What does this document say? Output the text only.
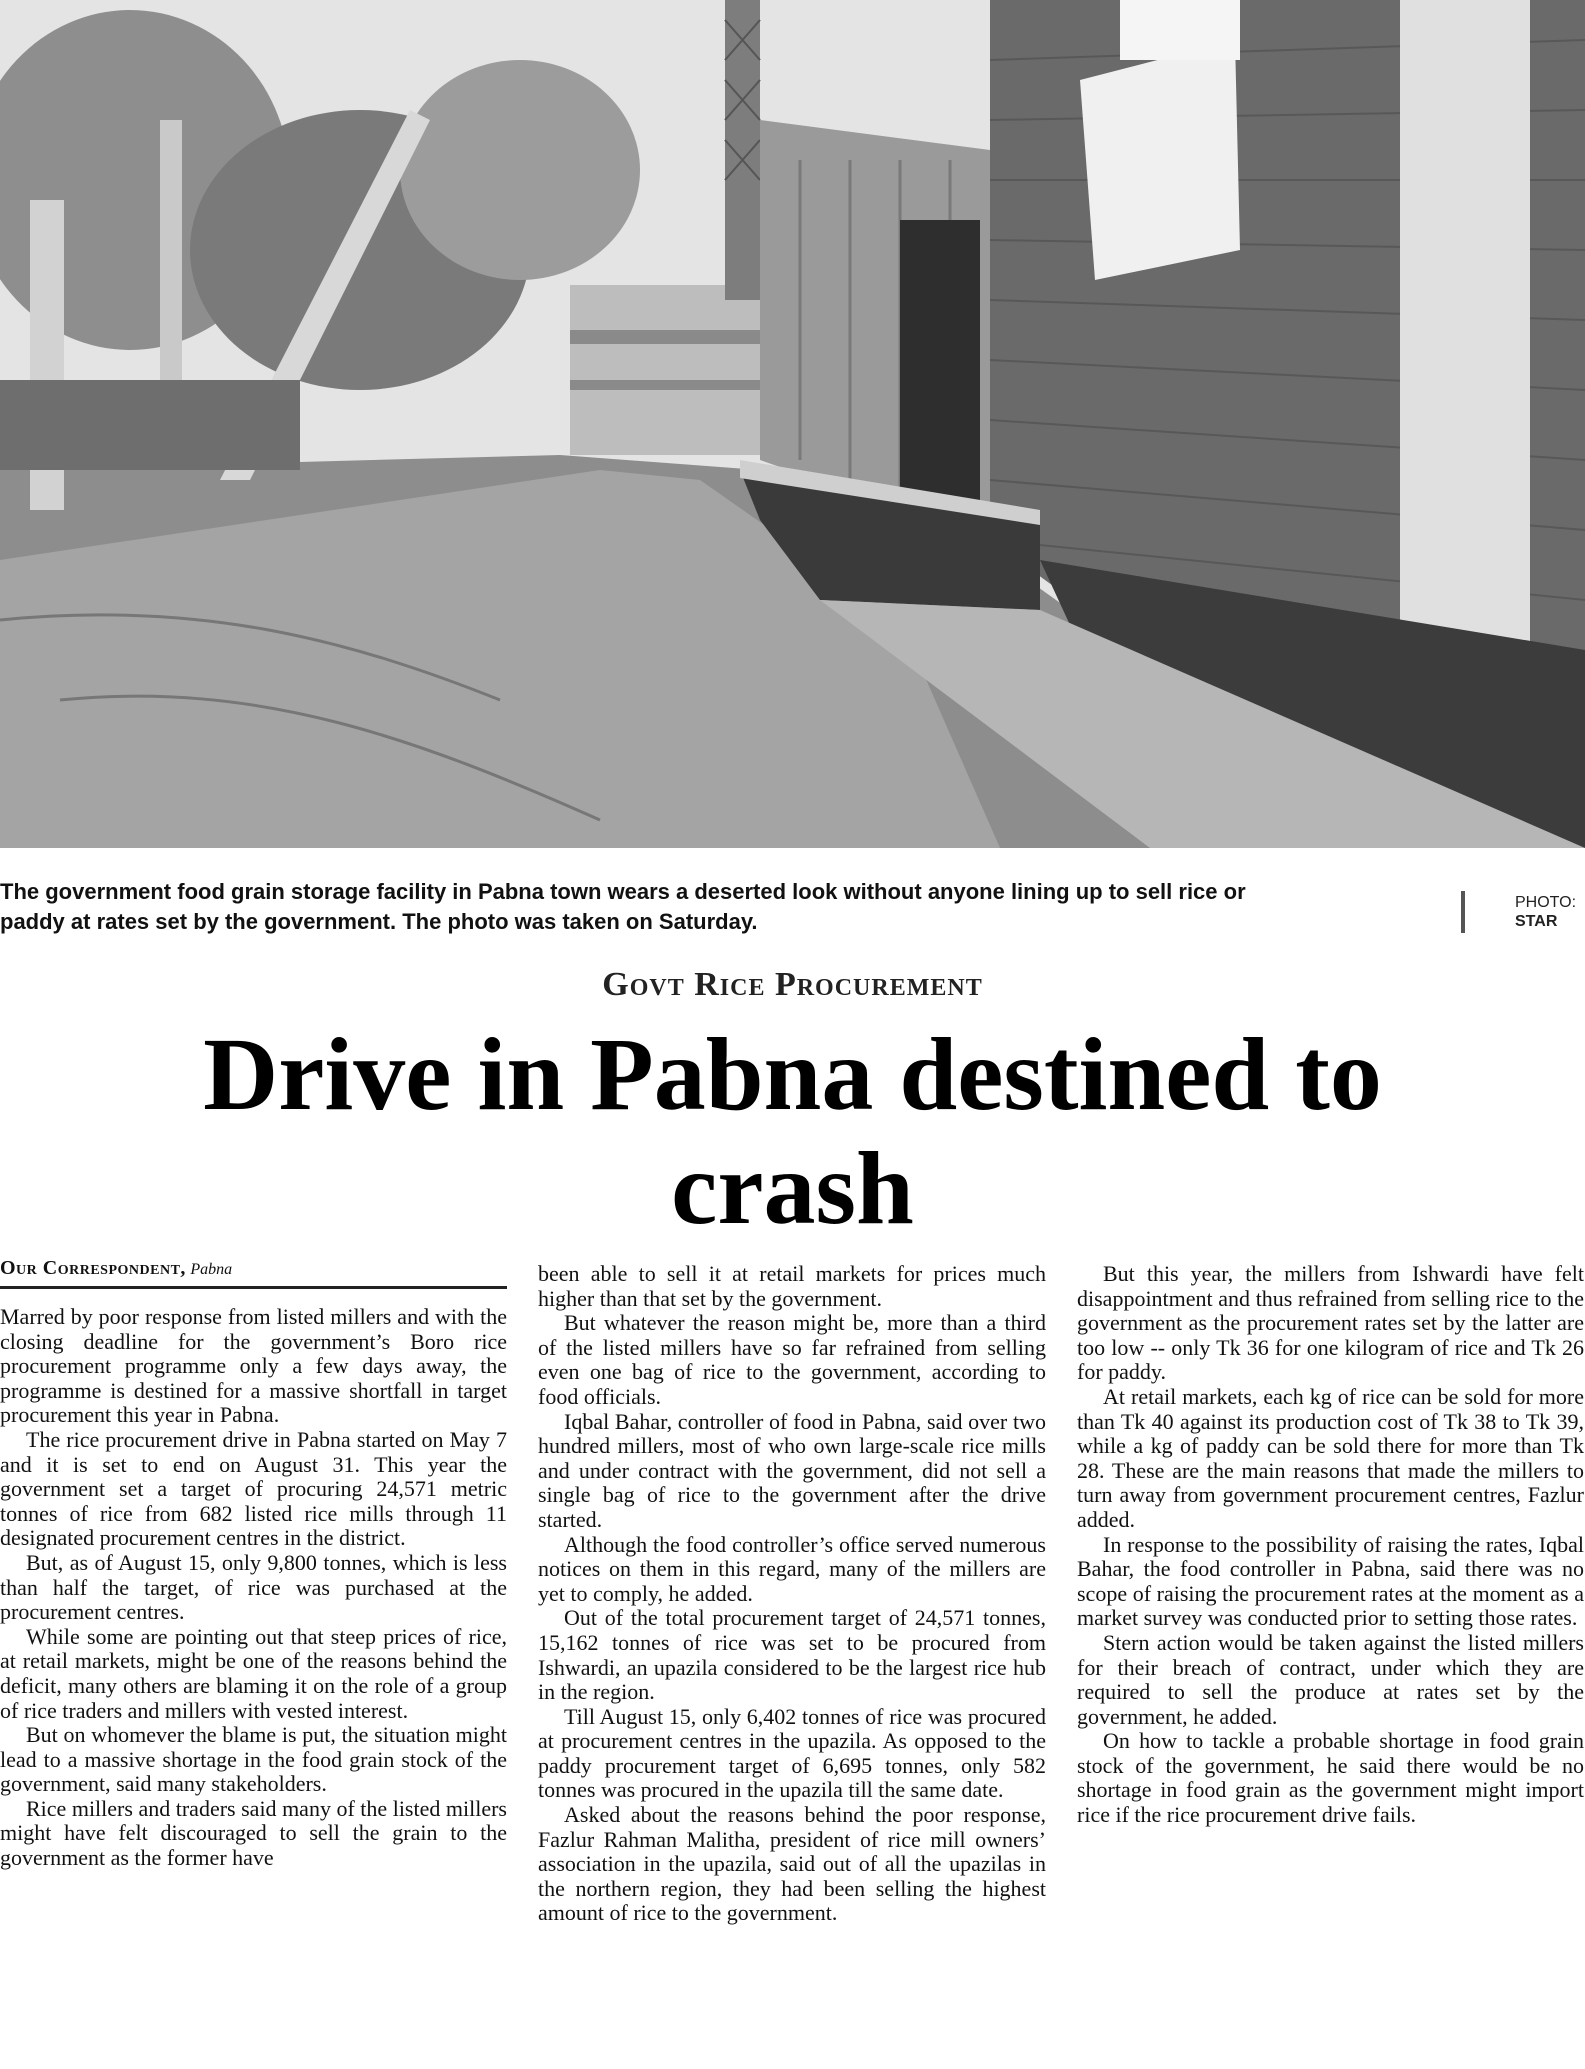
The government food grain storage facility in Pabna town wears a deserted look without anyone lining up to sell rice or paddy at rates set by the government. The photo was taken on Saturday.

PHOTO:
STAR
Govt Rice Procurement
Drive in Pabna destined to crash
Our Correspondent, Pabna

Marred by poor response from listed millers and with the closing deadline for the government’s Boro rice procurement programme only a few days away, the programme is destined for a massive shortfall in target procurement this year in Pabna.

The rice procurement drive in Pabna started on May 7 and it is set to end on August 31. This year the government set a target of procuring 24,571 metric tonnes of rice from 682 listed rice mills through 11 designated procurement centres in the district.

But, as of August 15, only 9,800 tonnes, which is less than half the target, of rice was purchased at the procurement centres.

While some are pointing out that steep prices of rice, at retail markets, might be one of the reasons behind the deficit, many others are blaming it on the role of a group of rice traders and millers with vested interest.

But on whomever the blame is put, the situation might lead to a massive shortage in the food grain stock of the government, said many stakeholders.

Rice millers and traders said many of the listed millers might have felt discouraged to sell the grain to the government as the former have

been able to sell it at retail markets for prices much higher than that set by the government.

But whatever the reason might be, more than a third of the listed millers have so far refrained from selling even one bag of rice to the government, according to food officials.

Iqbal Bahar, controller of food in Pabna, said over two hundred millers, most of who own large-scale rice mills and under contract with the government, did not sell a single bag of rice to the government after the drive started.

Although the food controller’s office served numerous notices on them in this regard, many of the millers are yet to comply, he added.

Out of the total procurement target of 24,571 tonnes, 15,162 tonnes of rice was set to be procured from Ishwardi, an upazila considered to be the largest rice hub in the region.

Till August 15, only 6,402 tonnes of rice was procured at procurement centres in the upazila. As opposed to the paddy procurement target of 6,695 tonnes, only 582 tonnes was procured in the upazila till the same date.

Asked about the reasons behind the poor response, Fazlur Rahman Malitha, president of rice mill owners’ association in the upazila, said out of all the upazilas in the northern region, they had been selling the highest amount of rice to the government.

But this year, the millers from Ishwardi have felt disappointment and thus refrained from selling rice to the government as the procurement rates set by the latter are too low -- only Tk 36 for one kilogram of rice and Tk 26 for paddy.

At retail markets, each kg of rice can be sold for more than Tk 40 against its production cost of Tk 38 to Tk 39, while a kg of paddy can be sold there for more than Tk 28. These are the main reasons that made the millers to turn away from government procurement centres, Fazlur added.

In response to the possibility of raising the rates, Iqbal Bahar, the food controller in Pabna, said there was no scope of raising the procurement rates at the moment as a market survey was conducted prior to setting those rates.

Stern action would be taken against the listed millers for their breach of contract, under which they are required to sell the produce at rates set by the government, he added.

On how to tackle a probable shortage in food grain stock of the government, he said there would be no shortage in food grain as the government might import rice if the rice procurement drive fails.
